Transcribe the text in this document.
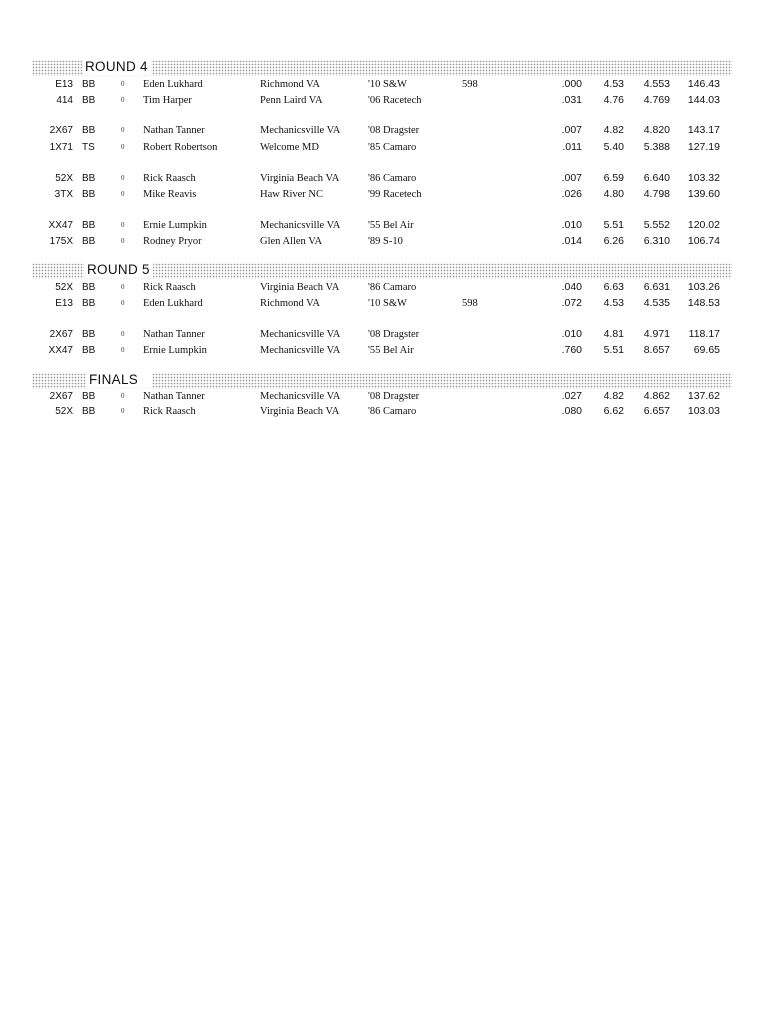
ROUND 4
E13 BB	0 Eden Lukhard	Richmond VA	'10 S&W	598	.000	4.53	4.553	146.43
414 BB	0 Tim Harper	Penn Laird VA	'06 Racetech	.031	4.76	4.769	144.03
2X67 BB	0 Nathan Tanner	Mechanicsville VA	'08 Dragster	.007	4.82	4.820	143.17
1X71 TS	0 Robert Robertson	Welcome MD	'85 Camaro	.011	5.40	5.388	127.19
52X BB	0 Rick Raasch	Virginia Beach VA	'86 Camaro	.007	6.59	6.640	103.32
3TX BB	0 Mike Reavis	Haw River NC	'99 Racetech	.026	4.80	4.798	139.60
XX47 BB	0 Ernie Lumpkin	Mechanicsville VA	'55 Bel Air	.010	5.51	5.552	120.02
175X BB	0 Rodney Pryor	Glen Allen VA	'89 S-10	.014	6.26	6.310	106.74
ROUND 5
52X BB	0 Rick Raasch	Virginia Beach VA	'86 Camaro	.040	6.63	6.631	103.26
E13 BB	0 Eden Lukhard	Richmond VA	'10 S&W	598	.072	4.53	4.535	148.53
2X67 BB	0 Nathan Tanner	Mechanicsville VA	'08 Dragster	.010	4.81	4.971	118.17
XX47 BB	0 Ernie Lumpkin	Mechanicsville VA	'55 Bel Air	.760	5.51	8.657	69.65
FINALS
2X67 BB	0 Nathan Tanner	Mechanicsville VA	'08 Dragster	.027	4.82	4.862	137.62
52X BB	0 Rick Raasch	Virginia Beach VA	'86 Camaro	.080	6.62	6.657	103.03
